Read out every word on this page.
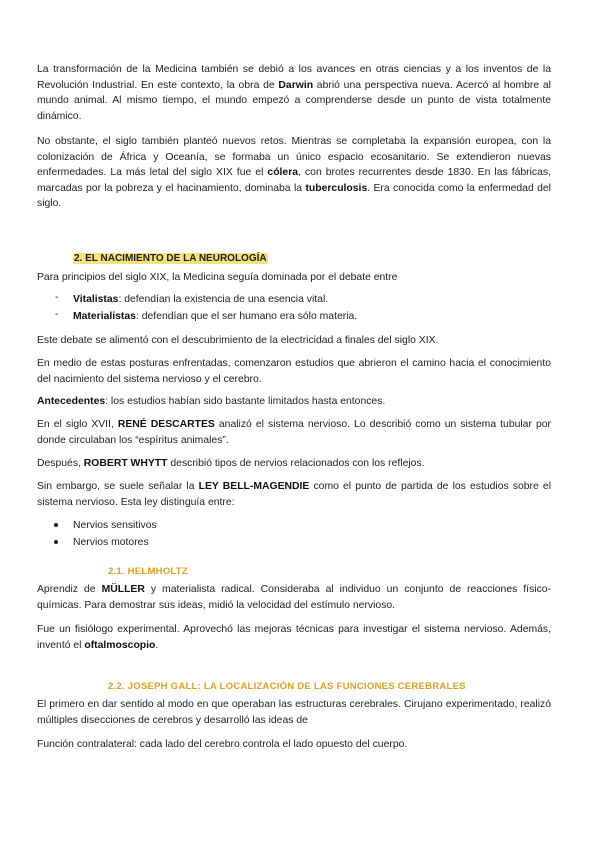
La transformación de la Medicina también se debió a los avances en otras ciencias y a los inventos de la Revolución Industrial. En este contexto, la obra de Darwin abrió una perspectiva nueva. Acercó al hombre al mundo animal. Al mismo tiempo, el mundo empezó a comprenderse desde un punto de vista totalmente dinámico.

No obstante, el siglo también planteó nuevos retos. Mientras se completaba la expansión europea, con la colonización de África y Oceanía, se formaba un único espacio ecosanitario. Se extendieron nuevas enfermedades. La más letal del siglo XIX fue el cólera, con brotes recurrentes desde 1830. En las fábricas, marcadas por la pobreza y el hacinamiento, dominaba la tuberculosis. Era conocida como la enfermedad del siglo.

2. EL NACIMIENTO DE LA NEUROLOGÍA

Para principios del siglo XIX, la Medicina seguía dominada por el debate entre

- Vitalistas: defendían la existencia de una esencia vital.
- Materialistas: defendían que el ser humano era sólo materia.

Este debate se alimentó con el descubrimiento de la electricidad a finales del siglo XIX.

En medio de estas posturas enfrentadas, comenzaron estudios que abrieron el camino hacia el conocimiento del nacimiento del sistema nervioso y el cerebro.

Antecedentes: los estudios habían sido bastante limitados hasta entonces.

En el siglo XVII, RENÉ DESCARTES analizó el sistema nervioso. Lo describió como un sistema tubular por donde circulaban los “espíritus animales”.

Después, ROBERT WHYTT describió tipos de nervios relacionados con los reflejos.

Sin embargo, se suele señalar la LEY BELL-MAGENDIE como el punto de partida de los estudios sobre el sistema nervioso. Esta ley distinguía entre:

Nervios sensitivos
Nervios motores
2.1. HELMHOLTZ

Aprendiz de MÜLLER y materialista radical. Consideraba al individuo un conjunto de reacciones físico-químicas. Para demostrar sus ideas, midió la velocidad del estímulo nervioso.

Fue un fisiólogo experimental. Aprovechó las mejoras técnicas para investigar el sistema nervioso. Además, inventó el oftalmoscopio.

2.2. JOSEPH GALL: LA LOCALIZACIÓN DE LAS FUNCIONES CEREBRALES

El primero en dar sentido al modo en que operaban las estructuras cerebrales. Cirujano experimentado, realizó múltiples disecciones de cerebros y desarrolló las ideas de

Función contralateral: cada lado del cerebro controla el lado opuesto del cuerpo.
